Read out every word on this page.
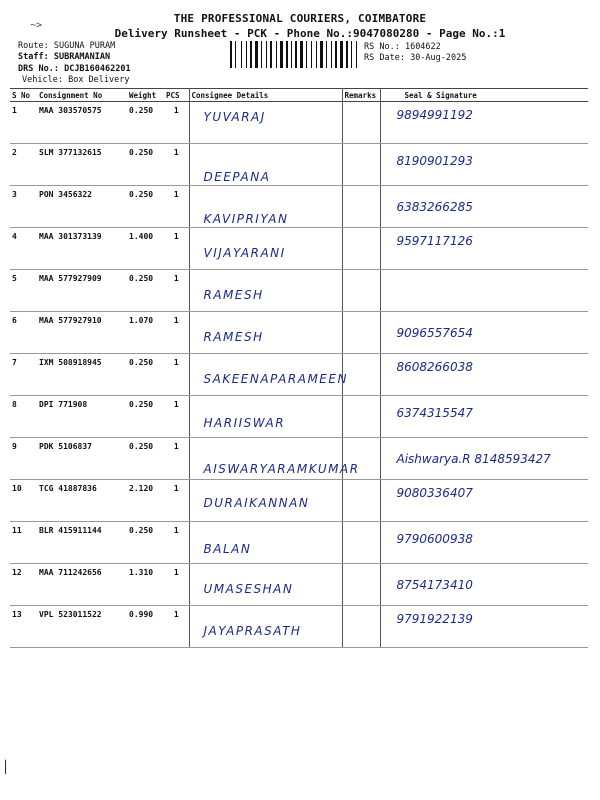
~>
THE PROFESSIONAL COURIERS, COIMBATORE
Delivery Runsheet - PCK - Phone No.:9047080280 - Page No.:1
Route: SUGUNA PURAM
Staff: SUBRAMANIAN
DRS No.: DCJB160462201
Vehicle: Box Delivery
RS No.: 1604622
RS Date: 30-Aug-2025
S No	Consignment No	Weight	PCS	Consignee Details	Remarks	Seal & Signature
1	MAA 303570575	0.250	1	YUVARAJ		9894991192

2	SLM 377132615	0.250	1	DEEPANA		8190901293

3	PON 3456322	0.250	1	KAVIPRIYAN		6383266285

4	MAA 301373139	1.400	1	VIJAYARANI		9597117126

5	MAA 577927909	0.250	1	RAMESH		

6	MAA 577927910	1.070	1	RAMESH		9096557654

7	IXM 508918945	0.250	1	SAKEENAPARAMEEN		8608266038

8	DPI 771908	0.250	1	HARIISWAR		6374315547

9	PDK 5106837	0.250	1	AISWARYARAMKUMAR		Aishwarya.R 8148593427

10	TCG 41887836	2.120	1	DURAIKANNAN		9080336407

11	BLR 415911144	0.250	1	BALAN		9790600938

12	MAA 711242656	1.310	1	UMASESHAN		8754173410

13	VPL 523011522	0.990	1	JAYAPRASATH		9791922139
│
